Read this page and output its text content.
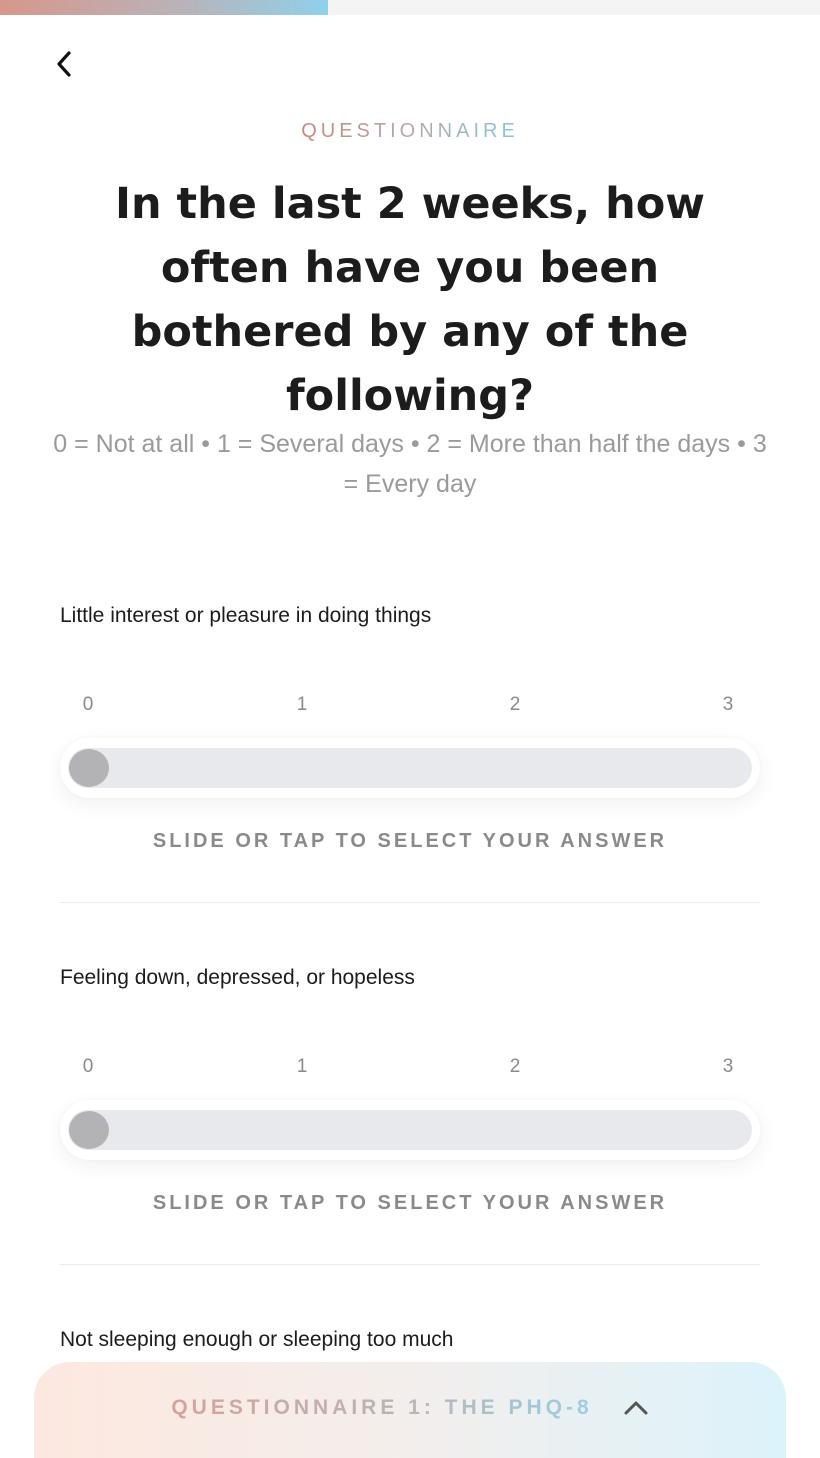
QUESTIONNAIRE
In the last 2 weeks, how often have you been bothered by any of the following?

0 = Not at all • 1 = Several days • 2 = More than half the days • 3 = Every day

Little interest or pleasure in doing things
0	1	2	3
SLIDE OR TAP TO SELECT YOUR ANSWER
Feeling down, depressed, or hopeless
0	1	2	3
SLIDE OR TAP TO SELECT YOUR ANSWER
Not sleeping enough or sleeping too much
QUESTIONNAIRE 1: THE PHQ-8
